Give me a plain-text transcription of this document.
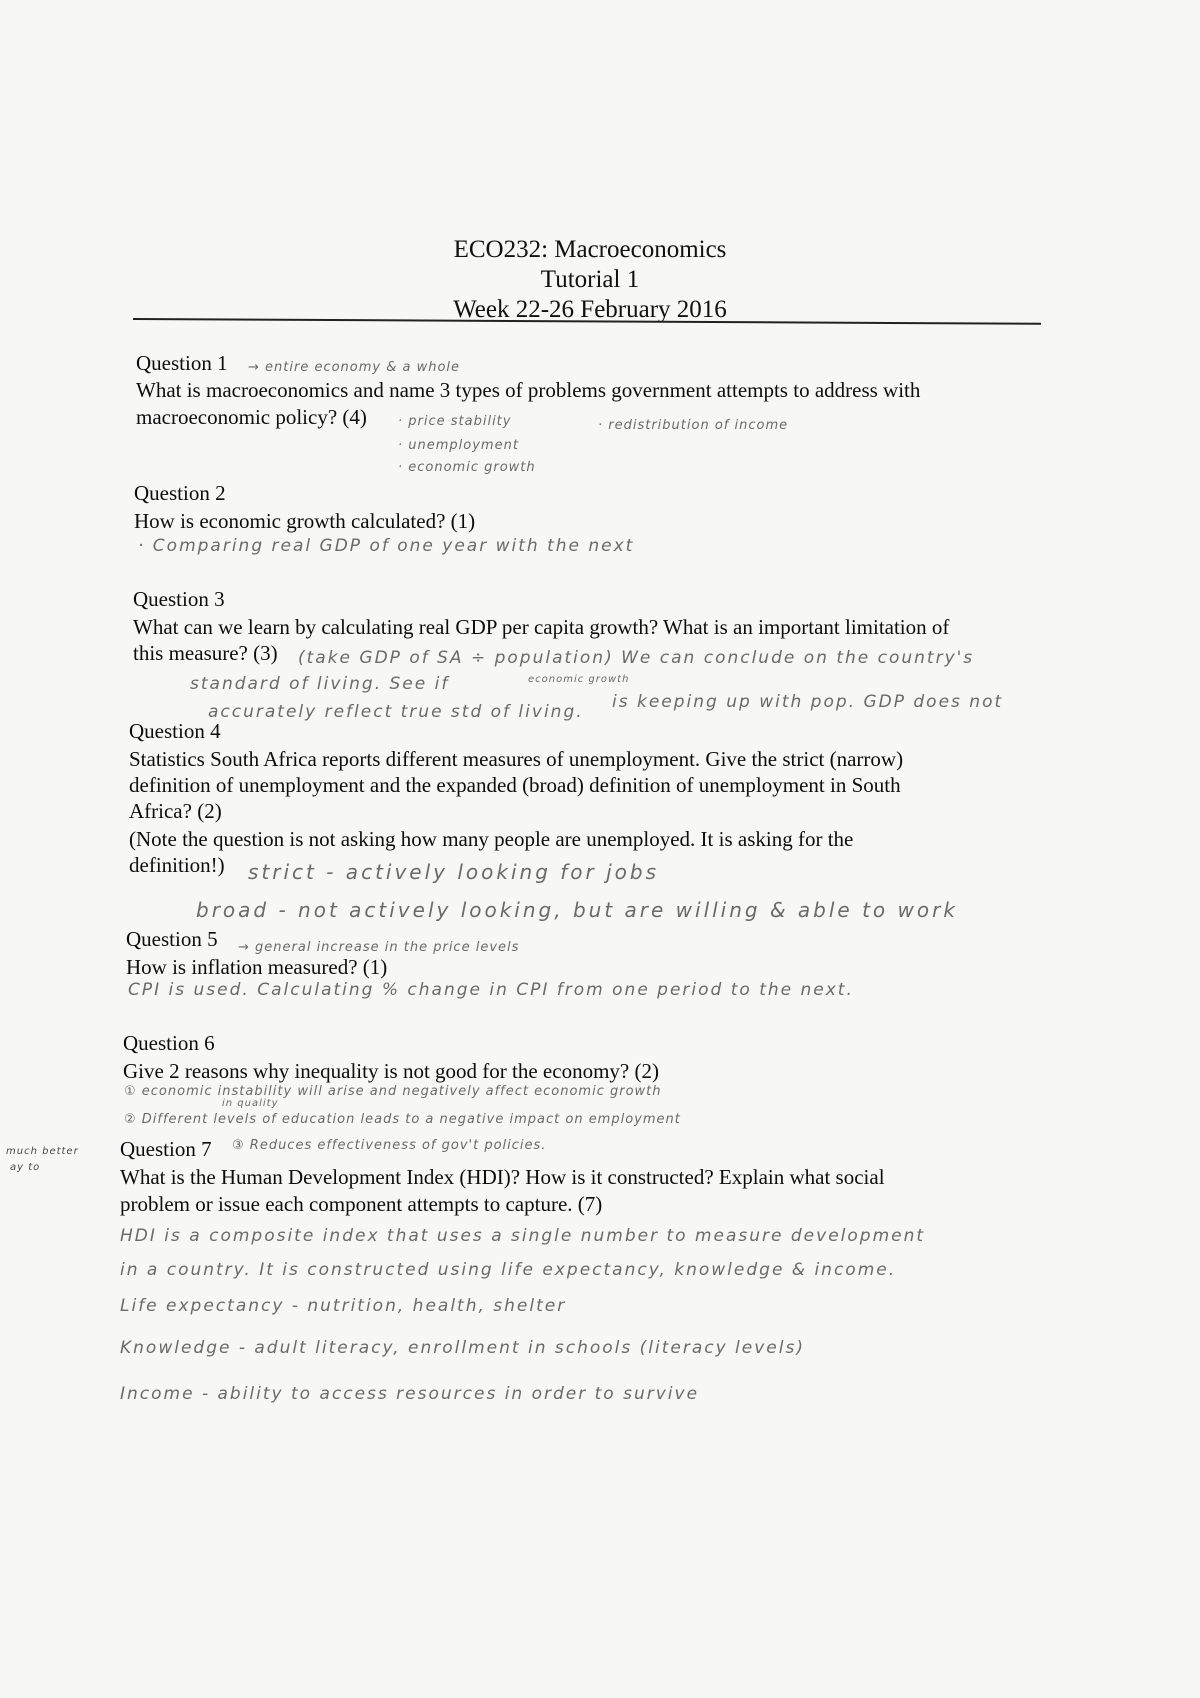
ECO232: Macroeconomics
Tutorial 1
Week 22-26 February 2016
Question 1 → entire economy & a whole
What is macroeconomics and name 3 types of problems government attempts to address with
macroeconomic policy? (4) · price stability	· redistribution of income
· unemployment
· economic growth
Question 2
How is economic growth calculated? (1)
· Comparing real GDP of one year with the next
Question 3
What can we learn by calculating real GDP per capita growth? What is an important limitation of
this measure? (3) (take GDP of SA ÷ population) We can conclude on the country's
standard of living. See if	economic growth
is keeping up with pop. GDP does not
accurately reflect true std of living.
Question 4
Statistics South Africa reports different measures of unemployment. Give the strict (narrow)
definition of unemployment and the expanded (broad) definition of unemployment in South
Africa? (2)
(Note the question is not asking how many people are unemployed. It is asking for the
definition!) strict - actively looking for jobs
broad - not actively looking, but are willing & able to work
Question 5 → general increase in the price levels
How is inflation measured? (1)
CPI is used. Calculating % change in CPI from one period to the next.
Question 6
Give 2 reasons why inequality is not good for the economy? (2)
① economic instability will arise and negatively affect economic growth
in quality
② Different levels of education leads to a negative impact on employment
③ Reduces effectiveness of gov't policies.
Question 7
much better
ay to	What is the Human Development Index (HDI)? How is it constructed? Explain what social
problem or issue each component attempts to capture. (7)
HDI is a composite index that uses a single number to measure development
in a country. It is constructed using life expectancy, knowledge & income.
Life expectancy - nutrition, health, shelter
Knowledge - adult literacy, enrollment in schools (literacy levels)
Income - ability to access resources in order to survive
